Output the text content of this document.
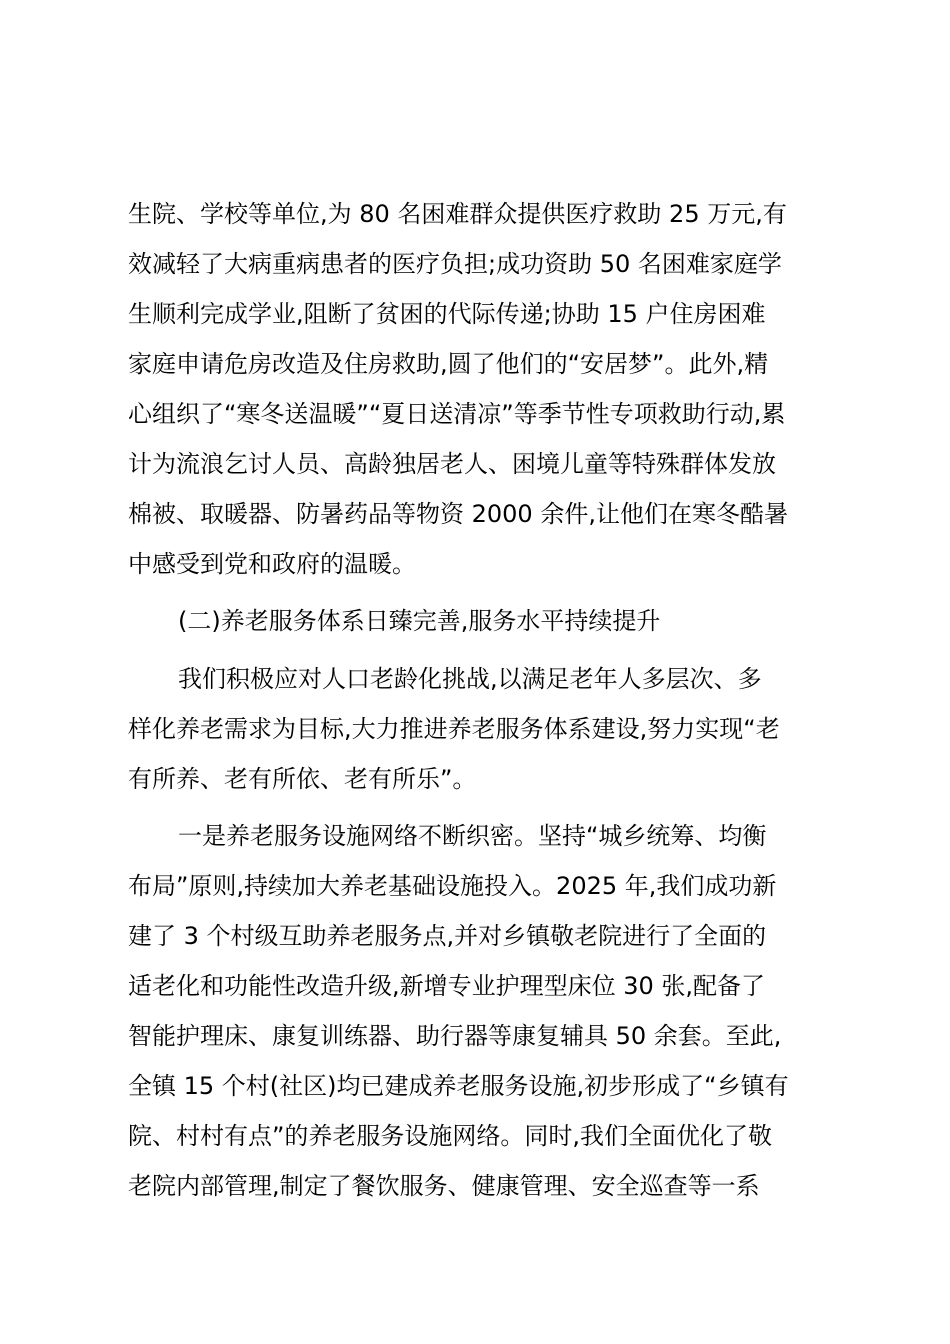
生院、学校等单位,为 80 名困难群众提供医疗救助 25 万元,有
效减轻了大病重病患者的医疗负担;成功资助 50 名困难家庭学
生顺利完成学业,阻断了贫困的代际传递;协助 15 户住房困难
家庭申请危房改造及住房救助,圆了他们的“安居梦”。此外,精
心组织了“寒冬送温暖”“夏日送清凉”等季节性专项救助行动,累
计为流浪乞讨人员、高龄独居老人、困境儿童等特殊群体发放
棉被、取暖器、防暑药品等物资 2000 余件,让他们在寒冬酷暑
中感受到党和政府的温暖。
(二)养老服务体系日臻完善,服务水平持续提升
我们积极应对人口老龄化挑战,以满足老年人多层次、多
样化养老需求为目标,大力推进养老服务体系建设,努力实现“老
有所养、老有所依、老有所乐”。
一是养老服务设施网络不断织密。坚持“城乡统筹、均衡
布局”原则,持续加大养老基础设施投入。2025 年,我们成功新
建了 3 个村级互助养老服务点,并对乡镇敬老院进行了全面的
适老化和功能性改造升级,新增专业护理型床位 30 张,配备了
智能护理床、康复训练器、助行器等康复辅具 50 余套。至此,
全镇 15 个村(社区)均已建成养老服务设施,初步形成了“乡镇有
院、村村有点”的养老服务设施网络。同时,我们全面优化了敬
老院内部管理,制定了餐饮服务、健康管理、安全巡查等一系
